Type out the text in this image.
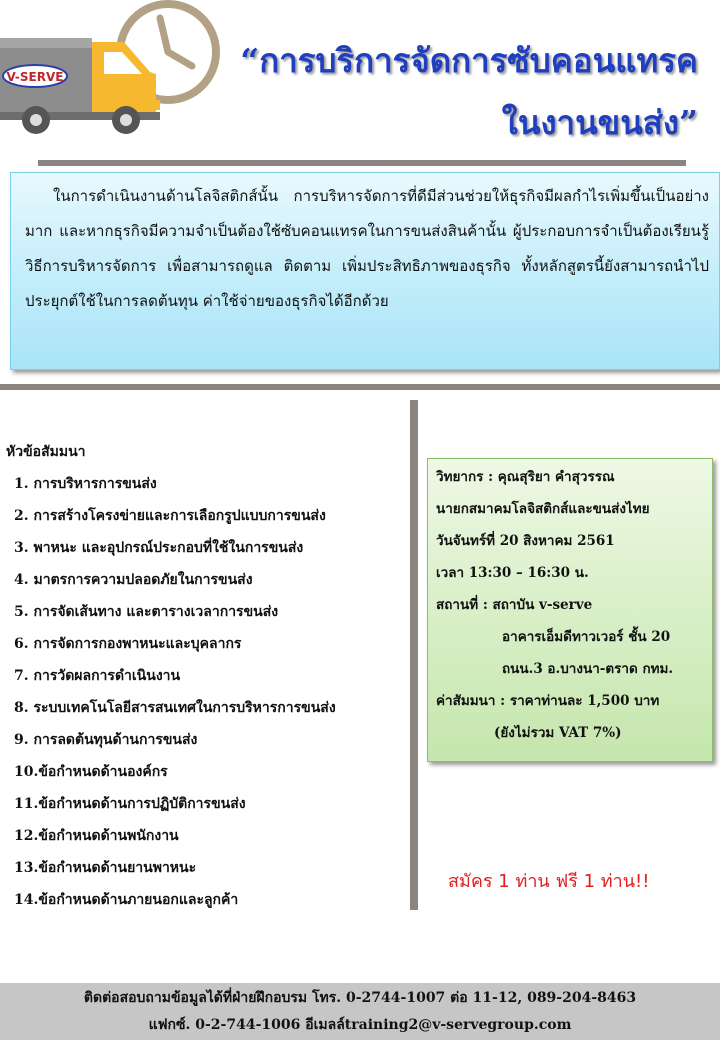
V-SERVE	“การบริการจัดการซับคอนแทรค
ในงานขนส่ง”

ในการดำเนินงานด้านโลจิสติกส์นั้น การบริหารจัดการที่ดีมีส่วนช่วยให้ธุรกิจมีผลกำไรเพิ่มขึ้นเป็นอย่างมาก และหากธุรกิจมีความจำเป็นต้องใช้ซับคอนแทรคในการขนส่งสินค้านั้น ผู้ประกอบการจำเป็นต้องเรียนรู้วิธีการบริหารจัดการ เพื่อสามารถดูแล ติดตาม เพิ่มประสิทธิภาพของธุรกิจ ทั้งหลักสูตรนี้ยังสามารถนำไปประยุกต์ใช้ในการลดต้นทุน ค่าใช้จ่ายของธุรกิจได้อีกด้วย

หัวข้อสัมมนา
1. การบริหารการขนส่ง
2. การสร้างโครงข่ายและการเลือกรูปแบบการขนส่ง
3. พาหนะ และอุปกรณ์ประกอบที่ใช้ในการขนส่ง
4. มาตรการความปลอดภัยในการขนส่ง
5. การจัดเส้นทาง และตารางเวลาการขนส่ง
6. การจัดการกองพาหนะและบุคลากร
7. การวัดผลการดำเนินงาน
8. ระบบเทคโนโลยีสารสนเทศในการบริหารการขนส่ง
9. การลดต้นทุนด้านการขนส่ง
10.ข้อกำหนดด้านองค์กร
11.ข้อกำหนดด้านการปฏิบัติการขนส่ง
12.ข้อกำหนดด้านพนักงาน
13.ข้อกำหนดด้านยานพาหนะ
14.ข้อกำหนดด้านภายนอกและลูกค้า
วิทยากร : คุณสุริยา คำสุวรรณ
นายกสมาคมโลจิสติกส์และขนส่งไทย
วันจันทร์ที่ 20 สิงหาคม 2561
เวลา 13:30 – 16:30 น.
สถานที่ : สถาบัน v-serve
อาคารเอ็มดีทาวเวอร์ ชั้น 20
ถนน.3 อ.บางนา-ตราด กทม.
ค่าสัมมนา : ราคาท่านละ 1,500 บาท
(ยังไม่รวม VAT 7%)
สมัคร 1 ท่าน ฟรี 1 ท่าน!!
ติดต่อสอบถามข้อมูลได้ที่ฝ่ายฝึกอบรม โทร. 0-2744-1007 ต่อ 11-12, 089-204-8463
แฟกซ์. 0-2-744-1006 อีเมลล์training2@v-servegroup.com
